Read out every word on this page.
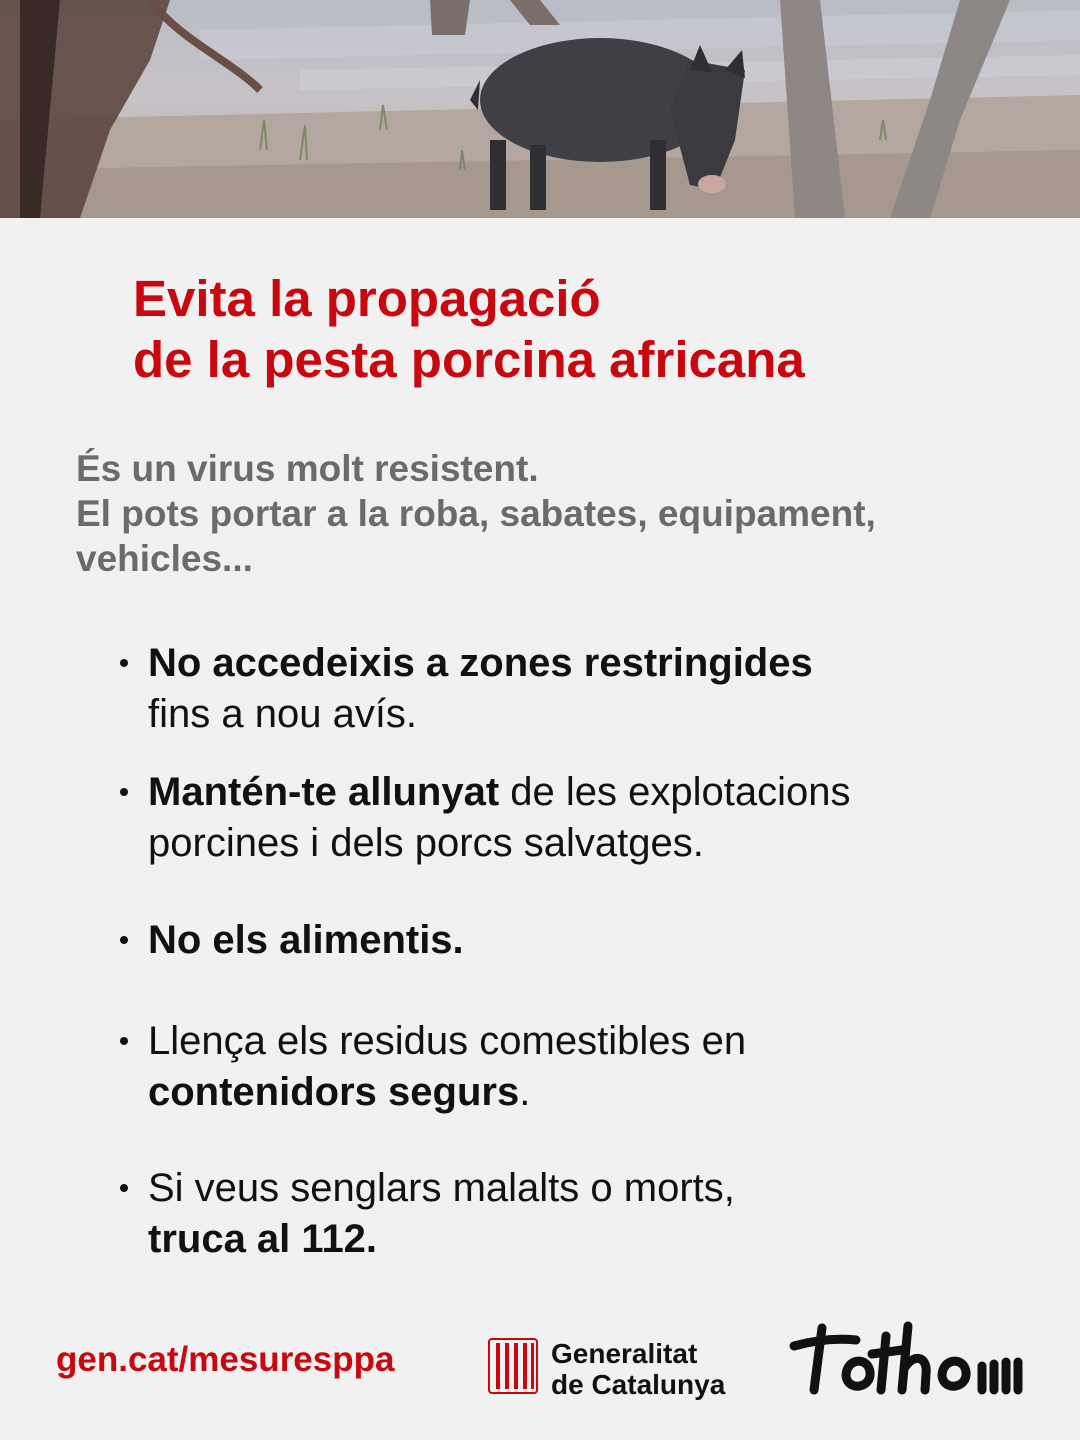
Evita la propagació
de la pesta porcina africana

És un virus molt resistent.
El pots portar a la roba, sabates, equipament,
vehicles...

No accedeixis a zones restringides
fins a nou avís.
Mantén-te allunyat de les explotacions
porcines i dels porcs salvatges.
No els alimentis.
Llença els residus comestibles en
contenidors segurs.
Si veus senglars malalts o morts,
truca al 112.
gen.cat/mesuresppa	Generalitat
de Catalunya
